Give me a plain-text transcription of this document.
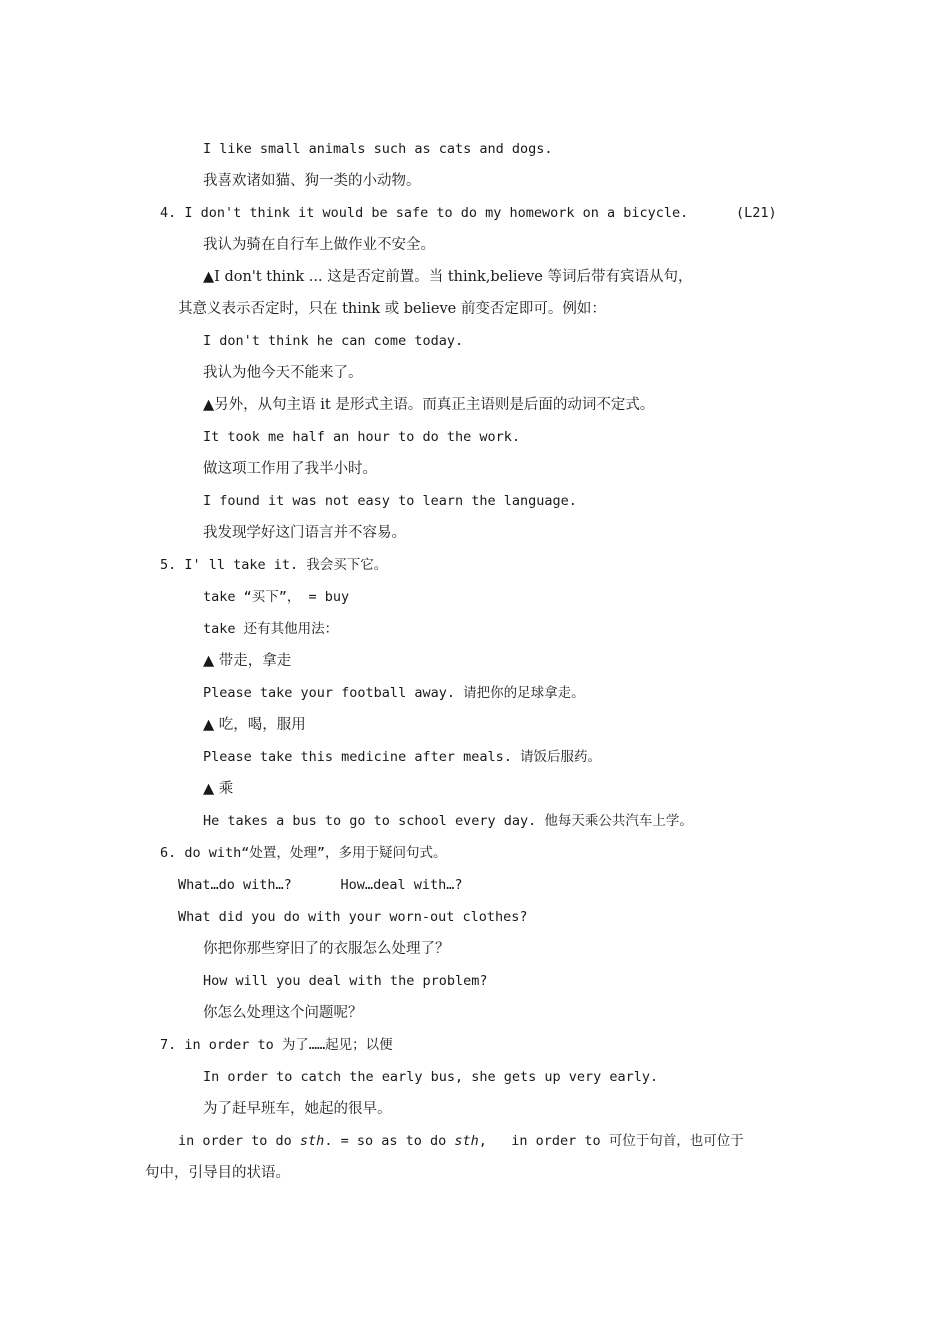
I like small animals such as cats and dogs.
我喜欢诸如猫、狗一类的小动物。
4. I don't think it would be safe to do my homework on a bicycle.	(L21)
我认为骑在自行车上做作业不安全。
▲I don't think ... 这是否定前置。当 think,believe 等词后带有宾语从句，
其意义表示否定时，只在 think 或 believe 前变否定即可。例如：
I don't think he can come today.
我认为他今天不能来了。
▲另外，从句主语 it 是形式主语。而真正主语则是后面的动词不定式。
It took me half an hour to do the work.
做这项工作用了我半小时。
I found it was not easy to learn the language.
我发现学好这门语言并不容易。
5. I' ll take it. 我会买下它。
take “买下”， = buy
take 还有其他用法：
▲ 带走，拿走
Please take your football away. 请把你的足球拿走。
▲ 吃，喝，服用
Please take this medicine after meals. 请饭后服药。
▲ 乘
He takes a bus to go to school every day. 他每天乘公共汽车上学。
6. do with“处置，处理”，多用于疑问句式。
What…do with…?      How…deal with…?
What did you do with your worn-out clothes?
你把你那些穿旧了的衣服怎么处理了？
How will you deal with the problem?
你怎么处理这个问题呢？
7. in order to 为了……起见；以便
In order to catch the early bus, she gets up very early.
为了赶早班车，她起的很早。
in order to do sth. = so as to do sth,   in order to 可位于句首，也可位于
句中，引导目的状语。
